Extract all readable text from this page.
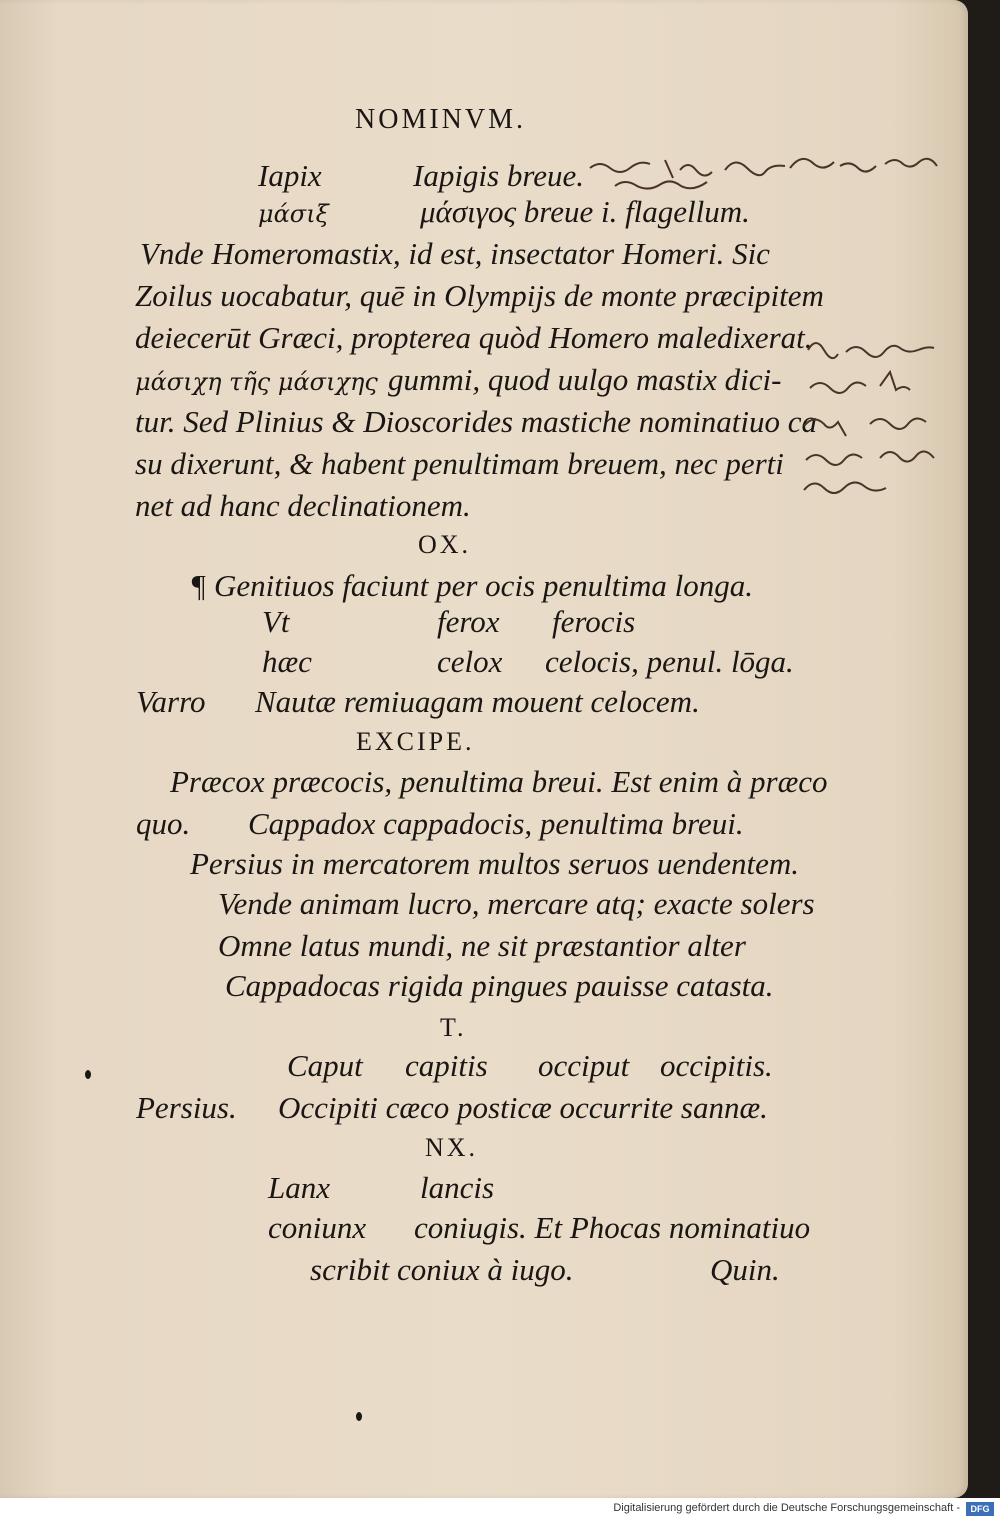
NOMINVM.
Iapix	Iapigis breue.
μάσιξ	μάσιγος breue i. flagellum.
Vnde Homeromastix, id est, insectator Homeri. Sic
Zoilus uocabatur, quē in Olympijs de monte præcipitem
deiecerūt Græci, propterea quòd Homero maledixerat.
μάσιχη τῆς μάσιχης gummi, quod uulgo mastix dici-
tur. Sed Plinius & Dioscorides mastiche nominatiuo ca
su dixerunt, & habent penultimam breuem, nec perti
net ad hanc declinationem.
OX.
¶ Genitiuos faciunt per ocis penultima longa.
Vt	ferox ferocis
hæc	celox celocis, penul. lōga.
Varro Nautæ remiuagam mouent celocem.
EXCIPE.
Præcox præcocis, penultima breui. Est enim à præco
quo. Cappadox cappadocis, penultima breui.
Persius in mercatorem multos seruos uendentem.
Vende animam lucro, mercare atq; exacte solers
Omne latus mundi, ne sit præstantior alter
Cappadocas rigida pingues pauisse catasta.
T.
Caput capitis occiput occipitis.
Persius. Occipiti cæco posticæ occurrite sannæ.
NX.
Lanx	lancis
coniunx coniugis. Et Phocas nominatiuo
scribit coniux à iugo.	Quin.
Digitalisierung gefördert durch die Deutsche Forschungsgemeinschaft -	DFG
